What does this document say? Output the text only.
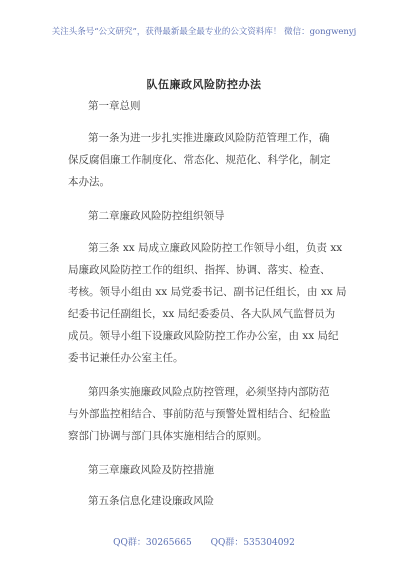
关注头条号“公文研究”，获得最新最全最专业的公文资料库！ 微信：gongwenyj
队伍廉政风险防控办法
第一章总则
第一条为进一步扎实推进廉政风险防范管理工作，确
保反腐倡廉工作制度化、常态化、规范化、科学化，制定
本办法。
第二章廉政风险防控组织领导
第三条 xx 局成立廉政风险防控工作领导小组，负责 xx
局廉政风险防控工作的组织、指挥、协调、落实、检查、
考核。领导小组由 xx 局党委书记、副书记任组长，由 xx 局
纪委书记任副组长，xx 局纪委委员、各大队风气监督员为
成员。领导小组下设廉政风险防控工作办公室，由 xx 局纪
委书记兼任办公室主任。
第四条实施廉政风险点防控管理，必须坚持内部防范
与外部监控相结合、事前防范与预警处置相结合、纪检监
察部门协调与部门具体实施相结合的原则。
第三章廉政风险及防控措施
第五条信息化建设廉政风险
QQ群：30265665 QQ群：535304092
